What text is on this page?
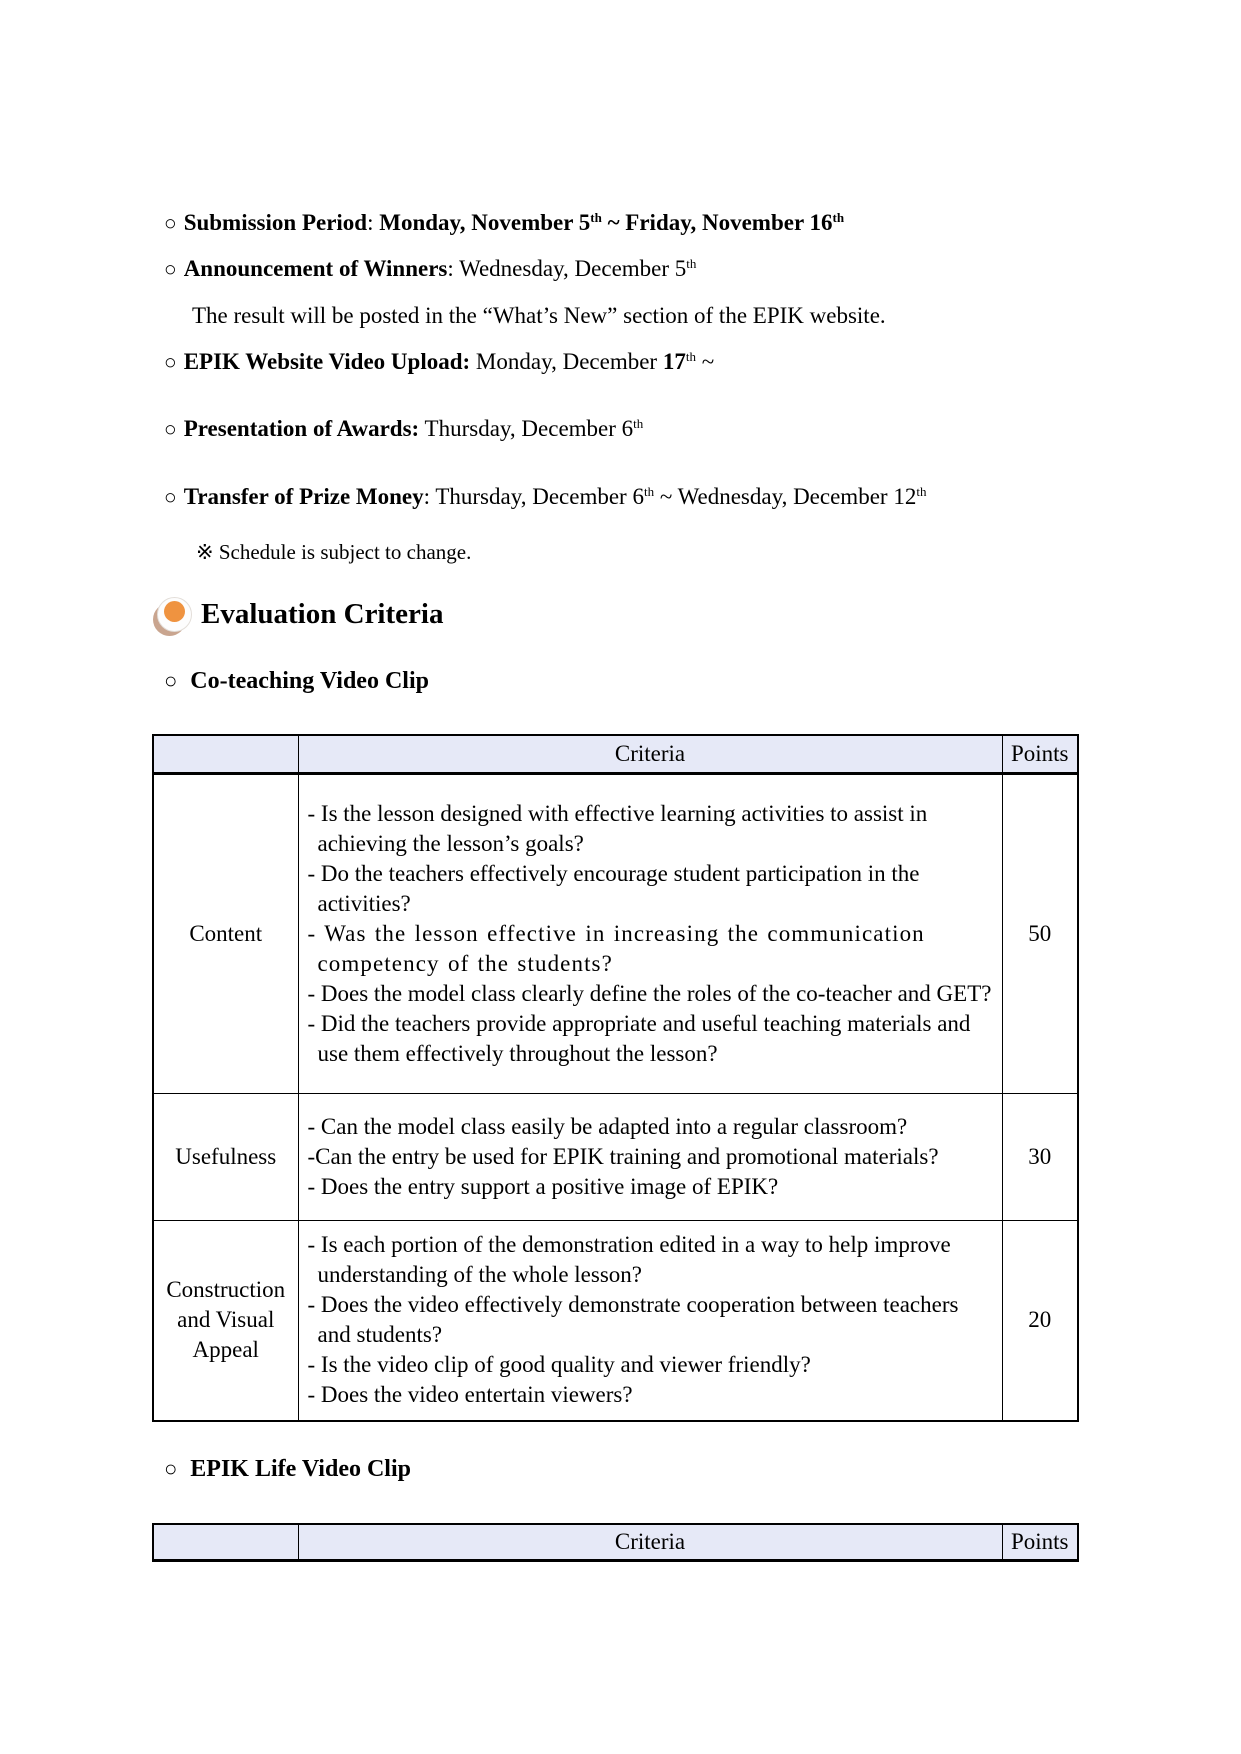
○ Submission Period: Monday, November 5th ~ Friday, November 16th
○ Announcement of Winners: Wednesday, December 5th
The result will be posted in the “What’s New” section of the EPIK website.
○ EPIK Website Video Upload: Monday, December 17th ~
○ Presentation of Awards: Thursday, December 6th
○ Transfer of Prize Money: Thursday, December 6th ~ Wednesday, December 12th
※ Schedule is subject to change.
Evaluation Criteria
○ Co-teaching Video Clip
	Criteria	Points
Content	- Is the lesson designed with effective learning activities to assist in achieving the lesson’s goals?

- Do the teachers effectively encourage student participation in the activities?

- Was the lesson effective in increasing the communication competency of the students?

- Does the model class clearly define the roles of the co-teacher and GET?

- Did the teachers provide appropriate and useful teaching materials and use them effectively throughout the lesson?	50
Usefulness	- Can the model class easily be adapted into a regular classroom?

-Can the entry be used for EPIK training and promotional materials?

- Does the entry support a positive image of EPIK?	30
Construction and Visual Appeal	- Is each portion of the demonstration edited in a way to help improve understanding of the whole lesson?

- Does the video effectively demonstrate cooperation between teachers and students?

- Is the video clip of good quality and viewer friendly?

- Does the video entertain viewers?	20
○ EPIK Life Video Clip
	Criteria	Points
